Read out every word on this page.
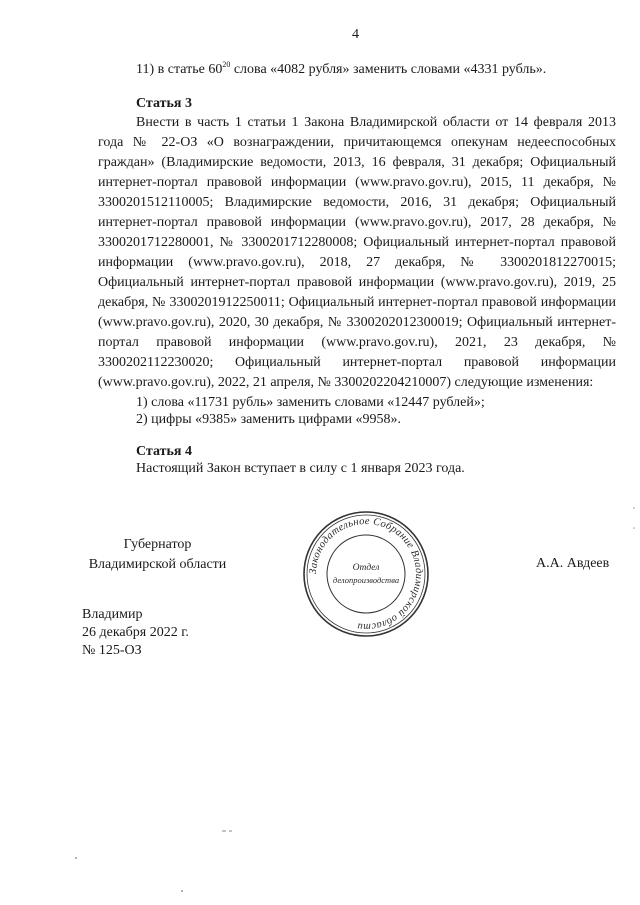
4
11) в статье $60^{20}$ слова «4082 рубля» заменить словами «4331 рубль».
Статья 3
Внести в часть 1 статьи 1 Закона Владимирской области от 14 февраля 2013 года № 22-ОЗ «О вознаграждении, причитающемся опекунам недееспособных граждан» (Владимирские ведомости, 2013, 16 февраля, 31 декабря; Официальный интернет-портал правовой информации (www.pravo.gov.ru), 2015, 11 декабря, № 3300201512110005; Владимирские ведомости, 2016, 31 декабря; Официальный интернет-портал правовой информации (www.pravo.gov.ru), 2017, 28 декабря, № 3300201712280001, № 3300201712280008; Официальный интернет-портал правовой информации (www.pravo.gov.ru), 2018, 27 декабря, № 3300201812270015; Официальный интернет-портал правовой информации (www.pravo.gov.ru), 2019, 25 декабря, № 3300201912250011; Официальный интернет-портал правовой информации (www.pravo.gov.ru), 2020, 30 декабря, № 3300202012300019; Официальный интернет-портал правовой информации (www.pravo.gov.ru), 2021, 23 декабря, № 3300202112230020; Официальный интернет-портал правовой информации (www.pravo.gov.ru), 2022, 21 апреля, № 3300202204210007) следующие изменения:
1) слова «11731 рубль» заменить словами «12447 рублей»;
2) цифры «9385» заменить цифрами «9958».
Статья 4
Настоящий Закон вступает в силу с 1 января 2023 года.
Губернатор
Владимирской области	Законодательное Собрание Владимирской области
Отдел
делопроизводства
А.А. Авдеев
Владимир
26 декабря 2022 г.
№ 125-ОЗ
